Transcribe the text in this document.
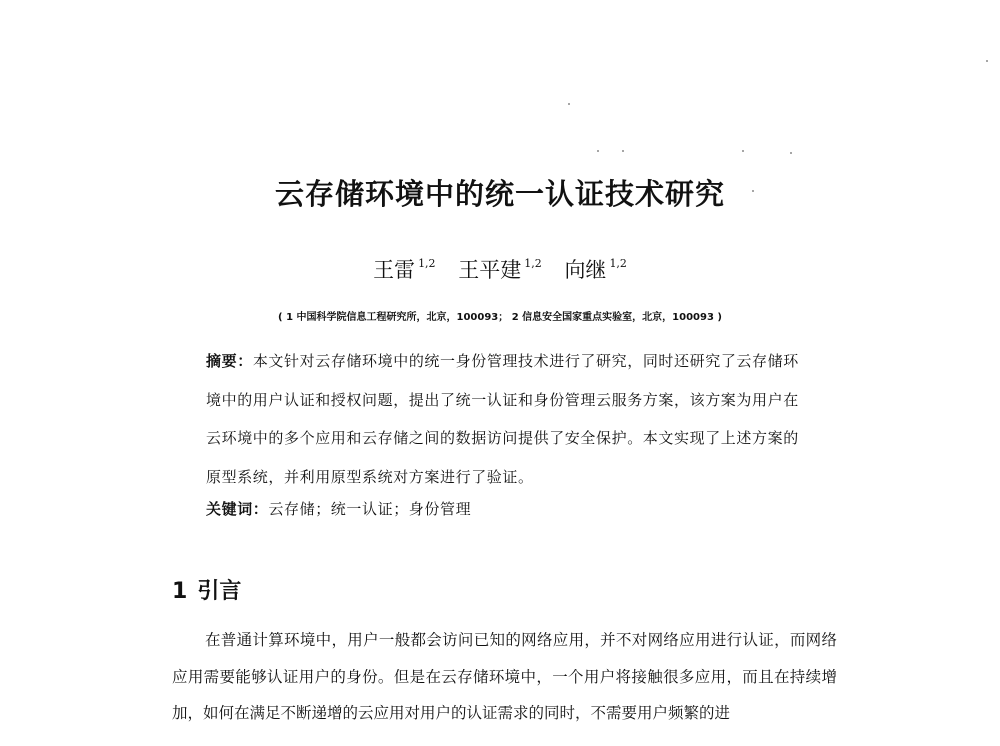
云存储环境中的统一认证技术研究
王雷 $^{1,2}$ 王平建 $^{1,2}$ 向继 $^{1,2}$

( 1 中国科学院信息工程研究所，北京，100093； 2 信息安全国家重点实验室，北京，100093 )

摘要：本文针对云存储环境中的统一身份管理技术进行了研究，同时还研究了云存储环境中的用户认证和授权问题，提出了统一认证和身份管理云服务方案，该方案为用户在云环境中的多个应用和云存储之间的数据访问提供了安全保护。本文实现了上述方案的原型系统，并利用原型系统对方案进行了验证。

关键词：云存储；统一认证；身份管理

1 引言

在普通计算环境中，用户一般都会访问已知的网络应用，并不对网络应用进行认证，而网络应用需要能够认证用户的身份。但是在云存储环境中，一个用户将接触很多应用，而且在持续增加，如何在满足不断递增的云应用对用户的认证需求的同时，不需要用户频繁的进
